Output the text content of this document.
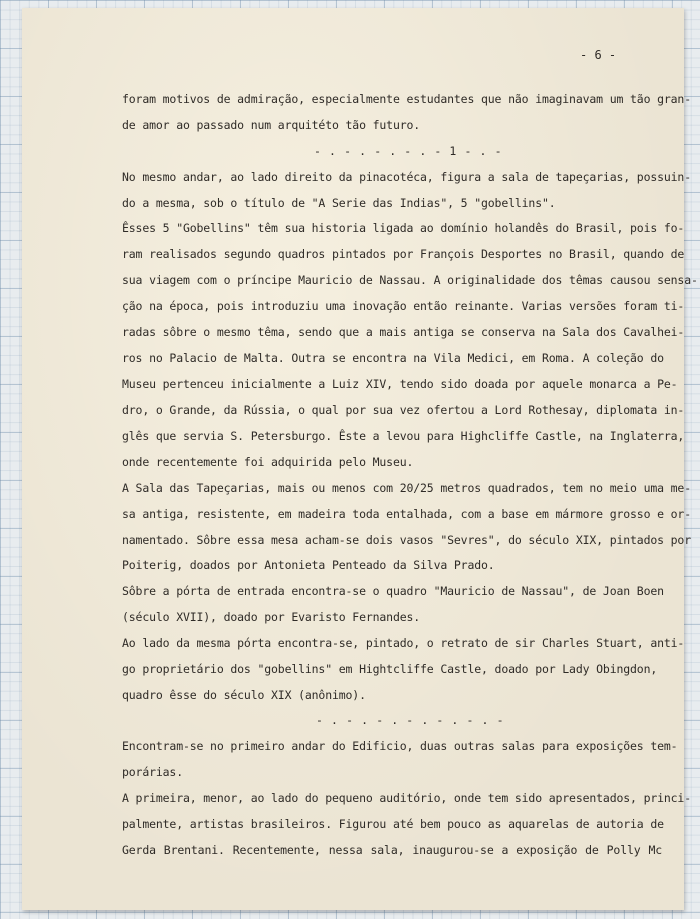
- 6 -
foram motivos de admiração, especialmente estudantes que não imaginavam um tão gran-
de amor ao passado num arquitéto tão futuro.
- . - . - . - . - 1 - . -
No mesmo andar, ao lado direito da pinacotéca, figura a sala de tapeçarias, possuin-
do a mesma, sob o título de "A Serie das Indias", 5 "gobellins".
Êsses 5 "Gobellins" têm sua historia ligada ao domínio holandês do Brasil, pois fo-
ram realisados segundo quadros pintados por François Desportes no Brasil, quando de
sua viagem com o príncipe Mauricio de Nassau. A originalidade dos têmas causou sensa-
ção na época, pois introduziu uma inovação então reinante. Varias versões foram ti-
radas sôbre o mesmo têma, sendo que a mais antiga se conserva na Sala dos Cavalhei-
ros no Palacio de Malta. Outra se encontra na Vila Medici, em Roma. A coleção do
Museu pertenceu inicialmente a Luiz XIV, tendo sido doada por aquele monarca a Pe-
dro, o Grande, da Rússia, o qual por sua vez ofertou a Lord Rothesay, diplomata in-
glês que servia S. Petersburgo. Êste a levou para Highcliffe Castle, na Inglaterra,
onde recentemente foi adquirida pelo Museu.
A Sala das Tapeçarias, mais ou menos com 20/25 metros quadrados, tem no meio uma me-
sa antiga, resistente, em madeira toda entalhada, com a base em mármore grosso e or-
namentado. Sôbre essa mesa acham-se dois vasos "Sevres", do século XIX, pintados por
Poiterig, doados por Antonieta Penteado da Silva Prado.
Sôbre a pórta de entrada encontra-se o quadro "Mauricio de Nassau", de Joan Boen
(século XVII), doado por Evaristo Fernandes.
Ao lado da mesma pórta encontra-se, pintado, o retrato de sir Charles Stuart, anti-
go proprietário dos "gobellins" em Hightcliffe Castle, doado por Lady Obingdon,
quadro êsse do século XIX (anônimo).
- . - . - . - . - . - . -
Encontram-se no primeiro andar do Edificio, duas outras salas para exposições tem-
porárias.
A primeira, menor, ao lado do pequeno auditório, onde tem sido apresentados, princi-
palmente, artistas brasileiros. Figurou até bem pouco as aquarelas de autoria de
Gerda Brentani. Recentemente, nessa sala, inaugurou-se a exposição de Polly Mc
